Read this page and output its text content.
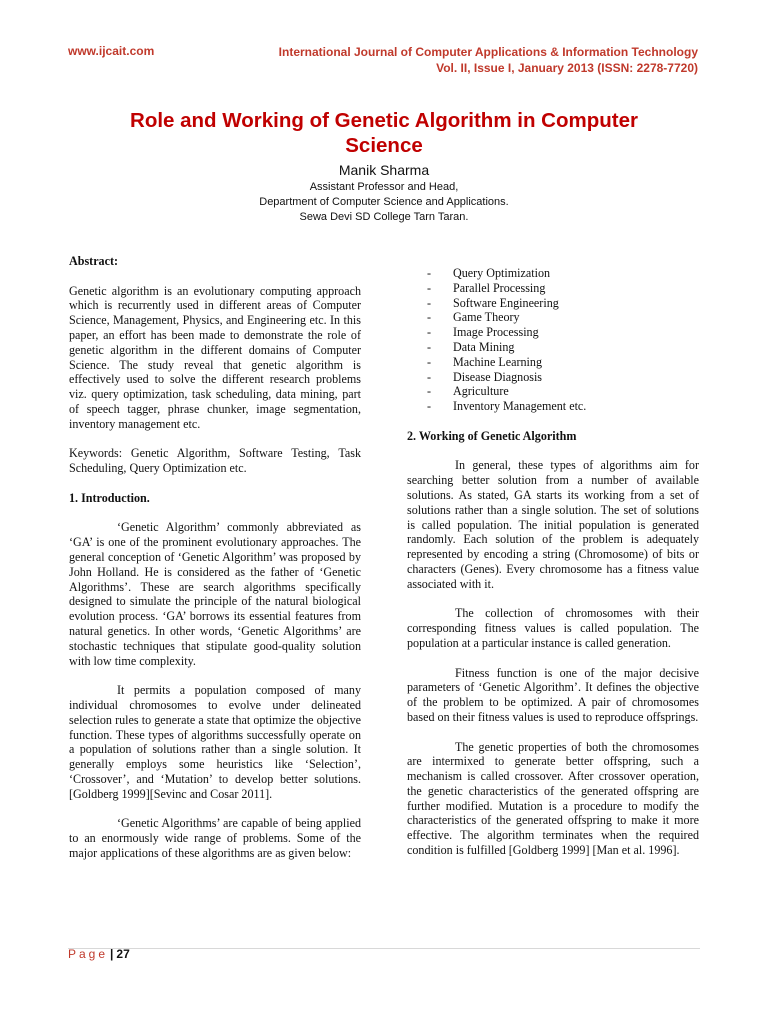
www.ijcait.com	International Journal of Computer Applications & Information Technology
Vol. II, Issue I, January 2013 (ISSN: 2278-7720)
Role and Working of Genetic Algorithm in Computer
Science
Manik Sharma
Assistant Professor and Head,
Department of Computer Science and Applications.
Sewa Devi SD College Tarn Taran.

Abstract:

Genetic algorithm is an evolutionary computing approach which is recurrently used in different areas of Computer Science, Management, Physics, and Engineering etc. In this paper, an effort has been made to demonstrate the role of genetic algorithm in the different domains of Computer Science. The study reveal that genetic algorithm is effectively used to solve the different research problems viz. query optimization, task scheduling, data mining, part of speech tagger, phrase chunker, image segmentation, inventory management etc.

Keywords: Genetic Algorithm, Software Testing, Task Scheduling, Query Optimization etc.

1. Introduction.

‘Genetic Algorithm’ commonly abbreviated as ‘GA’ is one of the prominent evolutionary approaches. The general conception of ‘Genetic Algorithm’ was proposed by John Holland. He is considered as the father of ‘Genetic Algorithms’. These are search algorithms specifically designed to simulate the principle of the natural biological evolution process. ‘GA’ borrows its essential features from natural genetics. In other words, ‘Genetic Algorithms’ are stochastic techniques that stipulate good-quality solution with low time complexity.

It permits a population composed of many individual chromosomes to evolve under delineated selection rules to generate a state that optimize the objective function. These types of algorithms successfully operate on a population of solutions rather than a single solution. It generally employs some heuristics like ‘Selection’, ‘Crossover’, and ‘Mutation’ to develop better solutions. [Goldberg 1999][Sevinc and Cosar 2011].

‘Genetic Algorithms’ are capable of being applied to an enormously wide range of problems. Some of the major applications of these algorithms are as given below:

- Query Optimization
- Parallel Processing
- Software Engineering
- Game Theory
- Image Processing
- Data Mining
- Machine Learning
- Disease Diagnosis
- Agriculture
- Inventory Management etc.

2. Working of Genetic Algorithm

In general, these types of algorithms aim for searching better solution from a number of available solutions. As stated, GA starts its working from a set of solutions rather than a single solution. The set of solutions is called population. The initial population is generated randomly. Each solution of the problem is adequately represented by encoding a string (Chromosome) of bits or characters (Genes). Every chromosome has a fitness value associated with it.

The collection of chromosomes with their corresponding fitness values is called population. The population at a particular instance is called generation.

Fitness function is one of the major decisive parameters of ‘Genetic Algorithm’. It defines the objective of the problem to be optimized. A pair of chromosomes based on their fitness values is used to reproduce offsprings.

The genetic properties of both the chromosomes are intermixed to generate better offspring, such a mechanism is called crossover. After crossover operation, the genetic characteristics of the generated offspring are further modified. Mutation is a procedure to modify the characteristics of the generated offspring to make it more effective. The algorithm terminates when the required condition is fulfilled [Goldberg 1999] [Man et al. 1996].

Page | 27
